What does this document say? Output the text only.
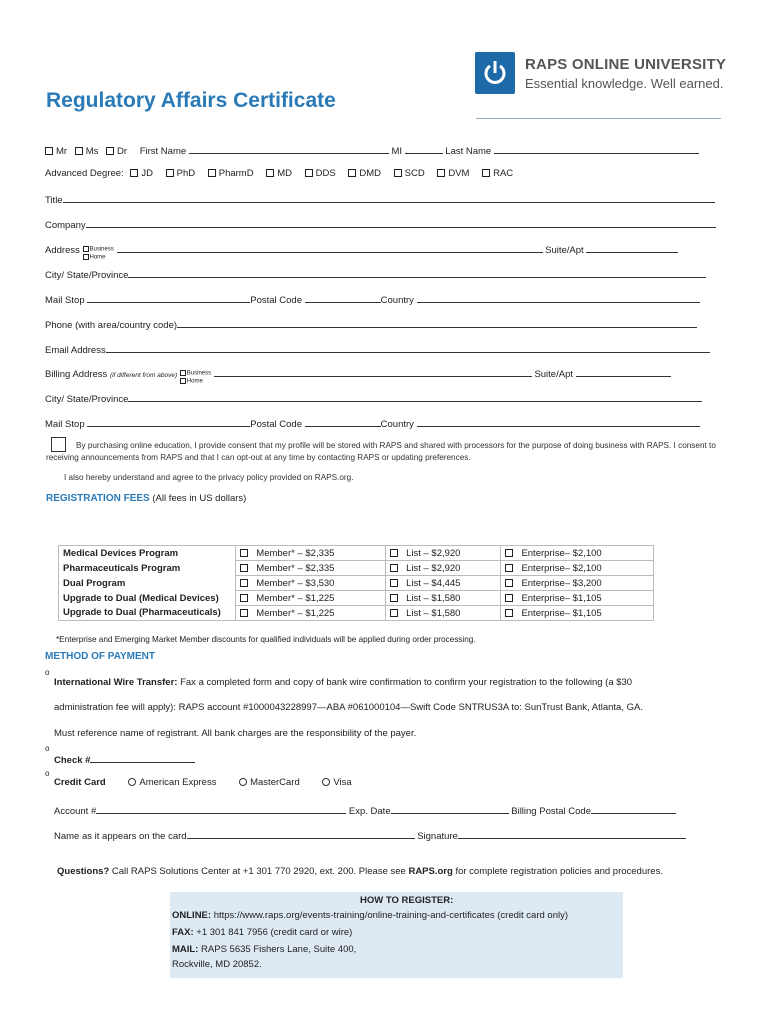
Regulatory Affairs Certificate
RAPS ONLINE UNIVERSITY
Essential knowledge. Well earned.
Mr Ms Dr First Name	MI	Last Name
Advanced Degree: JD PhD PharmD MD DDS DMD SCD DVM RAC
Title
Company
Address Business
Home  Suite/Apt
City/ State/Province
Mail Stop	Postal Code	Country
Phone (with area/country code)
Email Address
Billing Address (if different from above) Business
Home  Suite/Apt
City/ State/Province
Mail Stop	Postal Code	Country
By purchasing online education, I provide consent that my profile will be stored with RAPS and shared with processors for the purpose of doing business with RAPS. I consent to receiving announcements from RAPS and that I can opt-out at any time by contacting RAPS or updating preferences.
I also hereby understand and agree to the privacy policy provided on RAPS.org.
REGISTRATION FEES (All fees in US dollars)
Medical Devices Program	Member* – $2,335	List – $2,920	Enterprise– $2,100
Pharmaceuticals Program	Member* – $2,335	List – $2,920	Enterprise– $2,100
Dual Program	Member* – $3,530	List – $4,445	Enterprise– $3,200
Upgrade to Dual (Medical Devices)	Member* – $1,225	List – $1,580	Enterprise– $1,105
Upgrade to Dual (Pharmaceuticals)	Member* – $1,225	List – $1,580	Enterprise– $1,105
*Enterprise and Emerging Market Member discounts for qualified individuals will be applied during order processing.
METHOD OF PAYMENT
o
International Wire Transfer: Fax a completed form and copy of bank wire confirmation to confirm your registration to the following (a $30
administration fee will apply): RAPS account #1000043228997—ABA #061000104—Swift Code SNTRUS3A to: SunTrust Bank, Atlanta, GA.
Must reference name of registrant. All bank charges are the responsibility of the payer.
o
Check #
o
Credit Card	American Express	MasterCard	Visa
Account #	Exp. Date	Billing Postal Code
Name as it appears on the card	Signature
Questions? Call RAPS Solutions Center at +1 301 770 2920, ext. 200. Please see RAPS.org for complete registration policies and procedures.
HOW TO REGISTER:
ONLINE: https://www.raps.org/events-training/online-training-and-certificates (credit card only)
FAX: +1 301 841 7956 (credit card or wire)
MAIL: RAPS 5635 Fishers Lane, Suite 400,
Rockville, MD 20852.
